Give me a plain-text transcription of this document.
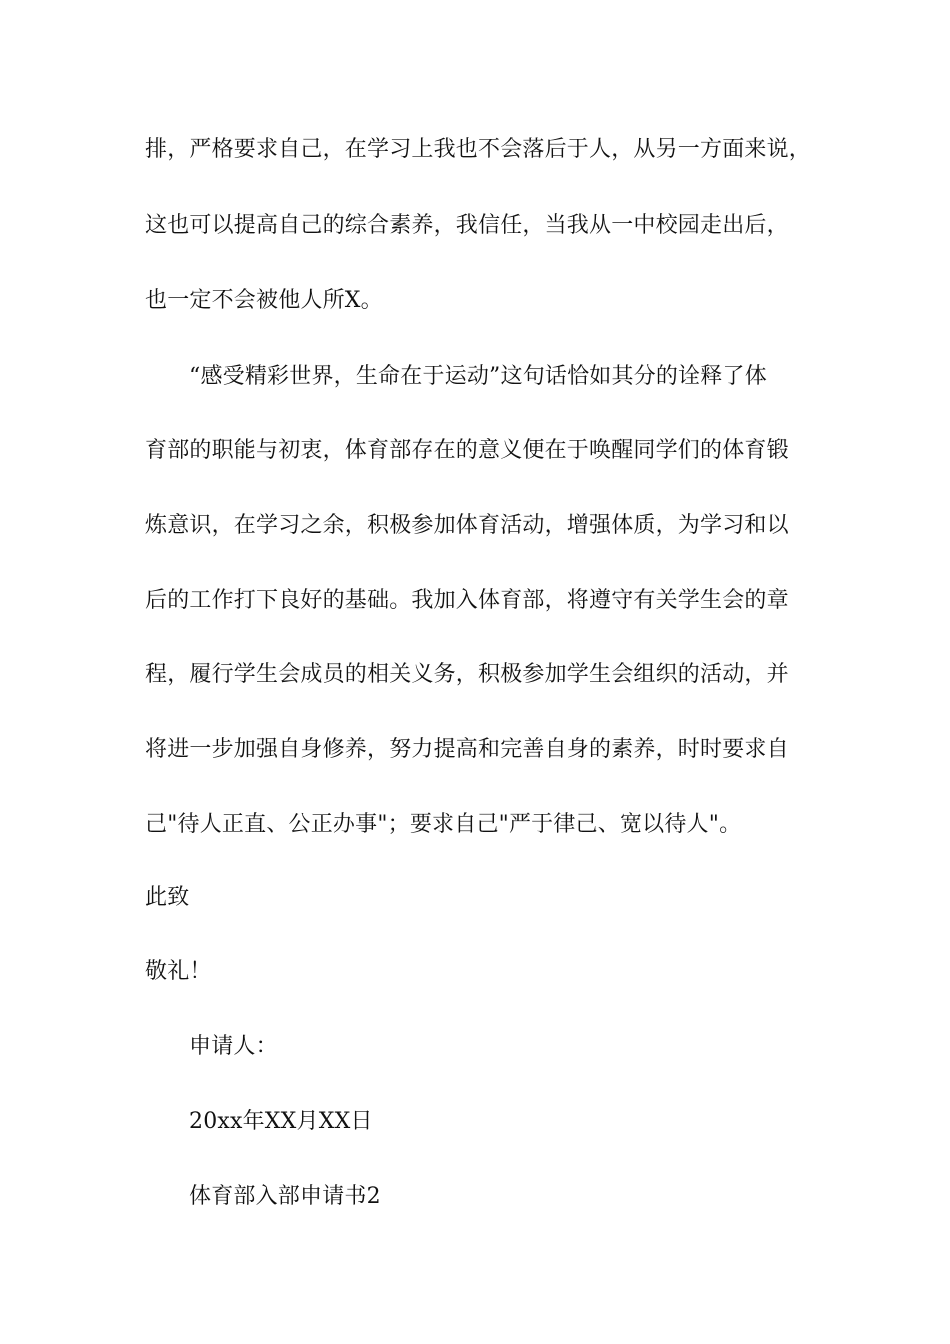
排，严格要求自己，在学习上我也不会落后于人，从另一方面来说，
这也可以提高自己的综合素养，我信任，当我从一中校园走出后，
也一定不会被他人所X。
“感受精彩世界，生命在于运动”这句话恰如其分的诠释了体
育部的职能与初衷，体育部存在的意义便在于唤醒同学们的体育锻
炼意识，在学习之余，积极参加体育活动，增强体质，为学习和以
后的工作打下良好的基础。我加入体育部，将遵守有关学生会的章
程，履行学生会成员的相关义务，积极参加学生会组织的活动，并
将进一步加强自身修养，努力提高和完善自身的素养，时时要求自
己"待人正直、公正办事"；要求自己"严于律己、宽以待人"。
此致
敬礼！
申请人：
20xx年XX月XX日
体育部入部申请书2
